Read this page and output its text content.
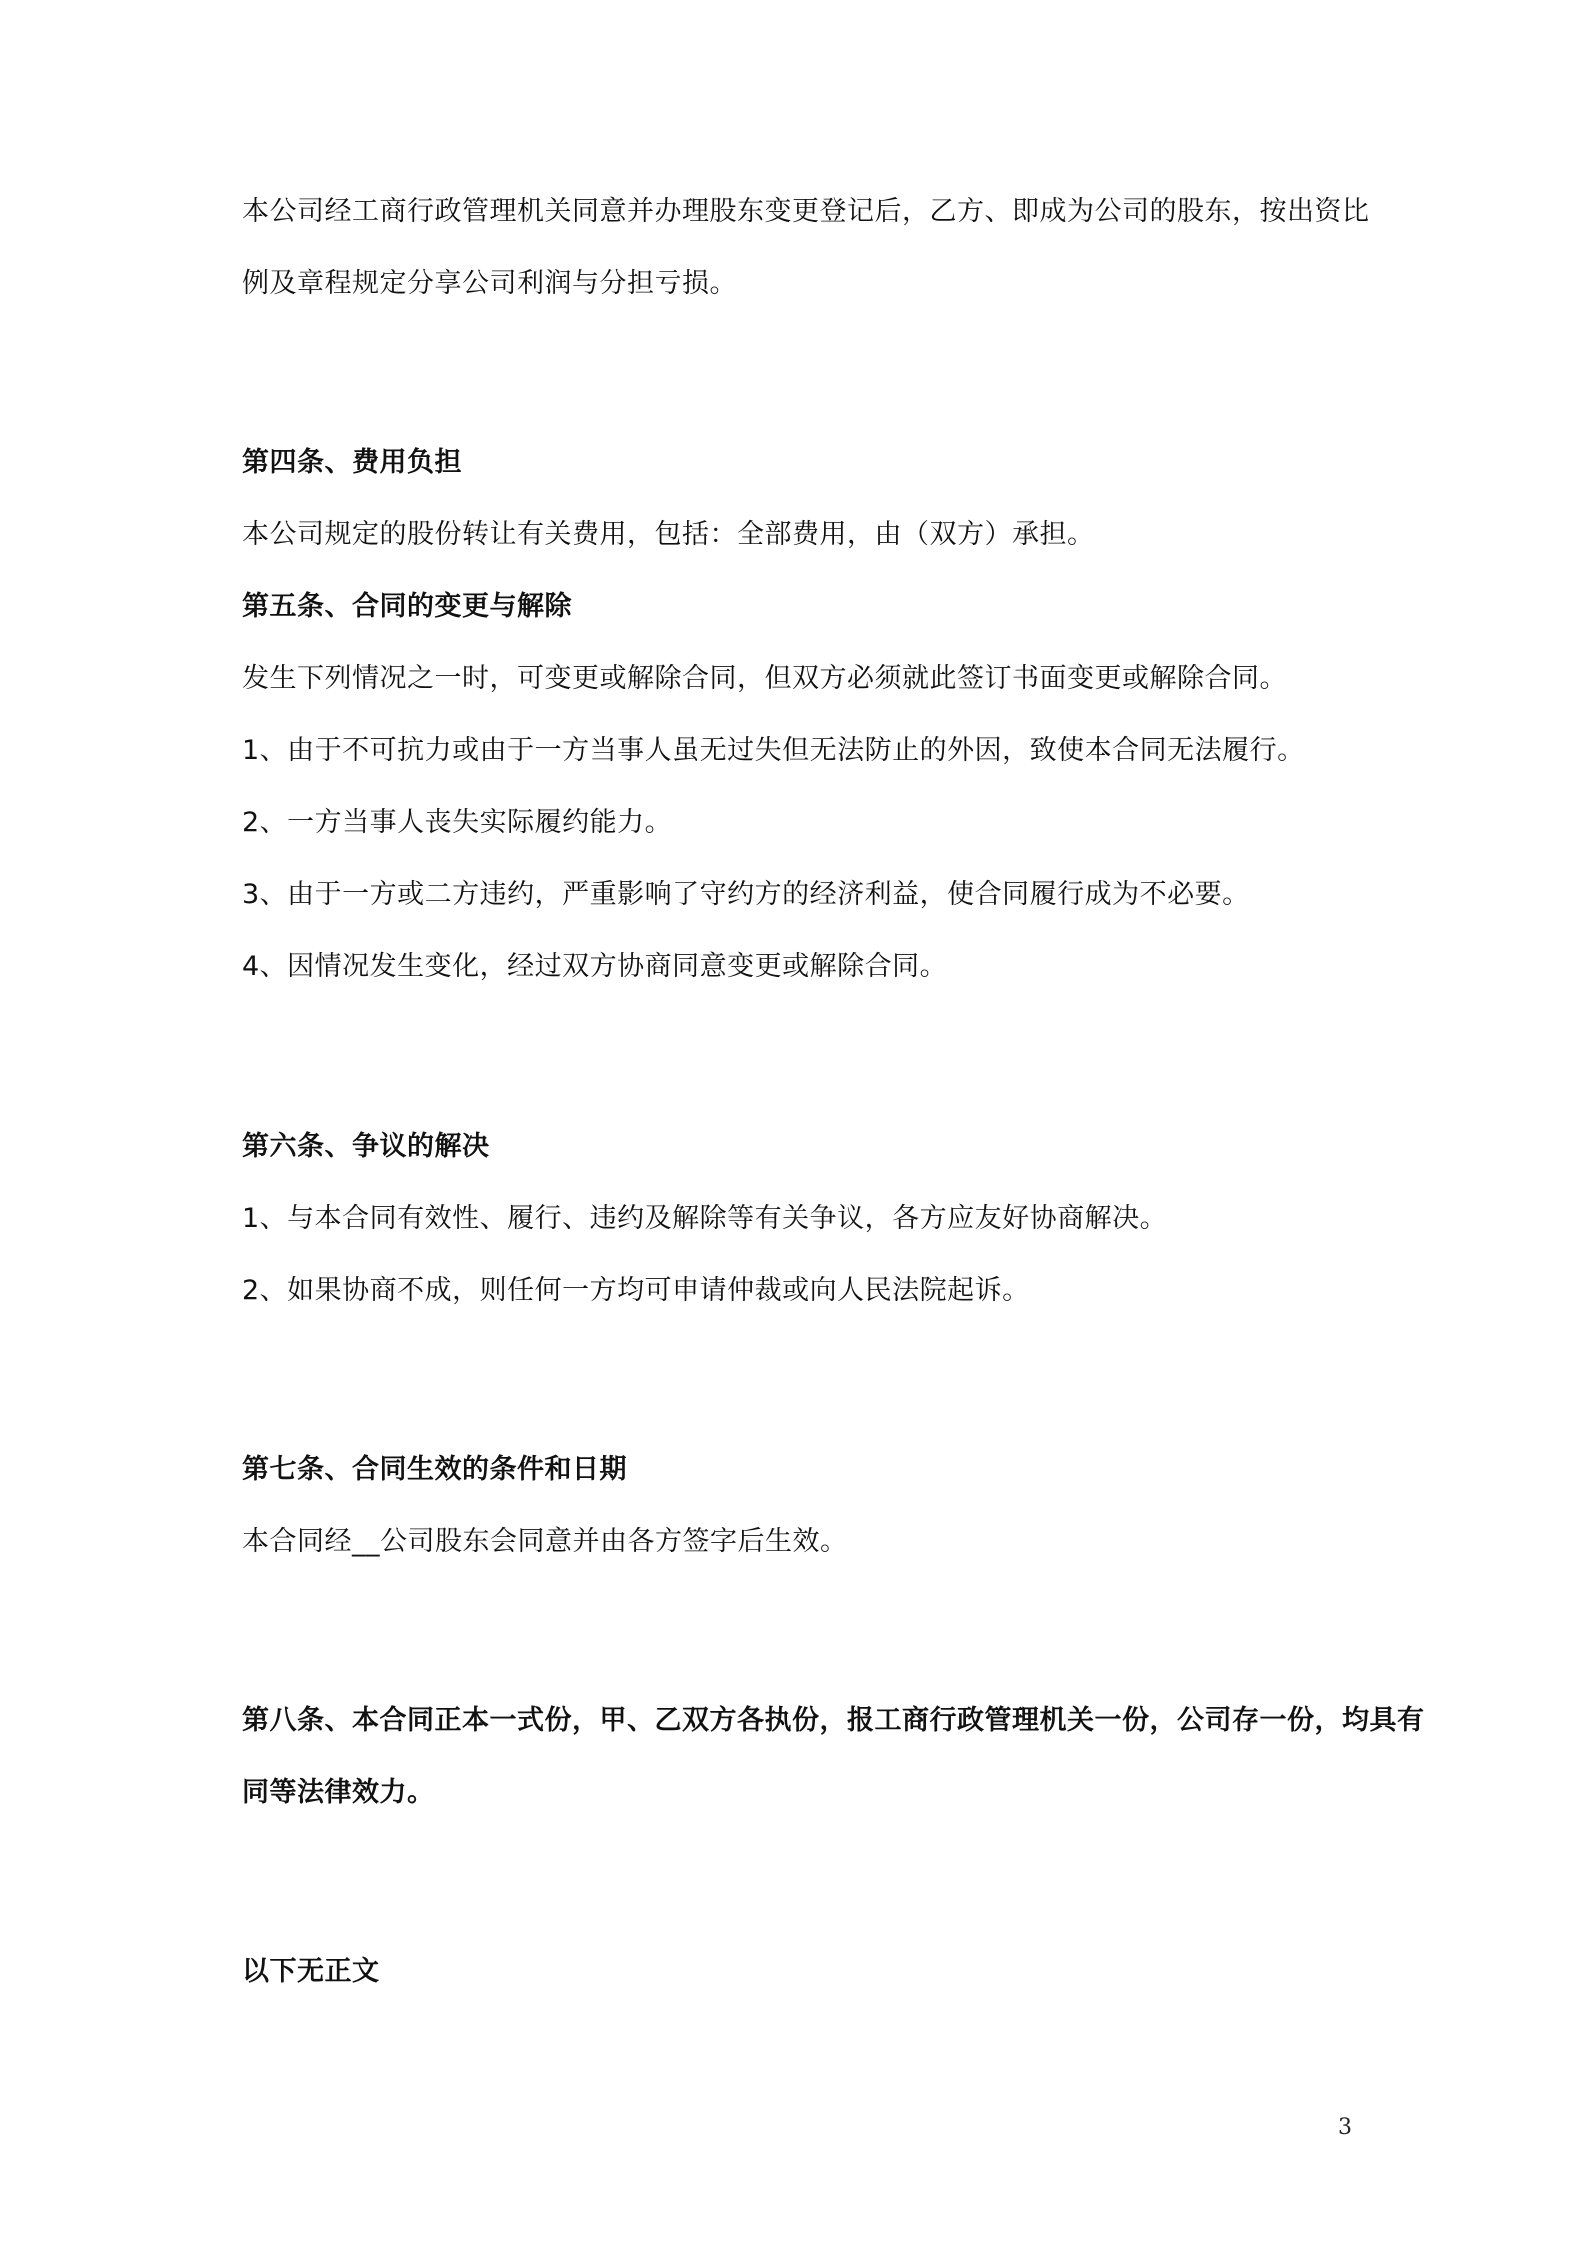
本公司经工商行政管理机关同意并办理股东变更登记后，乙方、即成为公司的股东，按出资比
例及章程规定分享公司利润与分担亏损。
第四条、费用负担
本公司规定的股份转让有关费用，包括：全部费用，由（双方）承担。
第五条、合同的变更与解除
发生下列情况之一时，可变更或解除合同，但双方必须就此签订书面变更或解除合同。
1、由于不可抗力或由于一方当事人虽无过失但无法防止的外因，致使本合同无法履行。
2、一方当事人丧失实际履约能力。
3、由于一方或二方违约，严重影响了守约方的经济利益，使合同履行成为不必要。
4、因情况发生变化，经过双方协商同意变更或解除合同。
第六条、争议的解决
1、与本合同有效性、履行、违约及解除等有关争议，各方应友好协商解决。
2、如果协商不成，则任何一方均可申请仲裁或向人民法院起诉。
第七条、合同生效的条件和日期
本合同经__公司股东会同意并由各方签字后生效。
第八条、本合同正本一式份，甲、乙双方各执份，报工商行政管理机关一份，公司存一份，均具有
同等法律效力。
以下无正文
3
